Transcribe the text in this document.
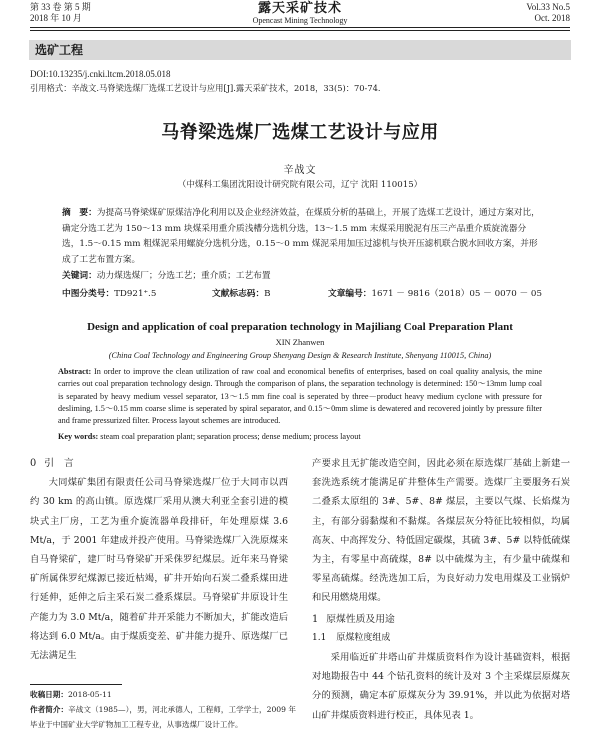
第 33 卷 第 5 期
2018 年 10 月
露天采矿技术
Opencast Mining Technology
Vol.33 No.5
Oct. 2018
选矿工程
DOI:10.13235/j.cnki.ltcm.2018.05.018
引用格式：辛战文.马脊梁选煤厂选煤工艺设计与应用[J].露天采矿技术，2018，33(5)：70-74.
马脊梁选煤厂选煤工艺设计与应用
辛战文
（中煤科工集团沈阳设计研究院有限公司，辽宁 沈阳 110015）
摘　要：为提高马脊梁煤矿原煤洁净化利用以及企业经济效益，在煤质分析的基础上，开展了选煤工艺设计，通过方案对比，确定分选工艺为 150～13 mm 块煤采用重介质浅槽分选机分选，13～1.5 mm 末煤采用脱泥有压三产品重介质旋流器分选，1.5～0.15 mm 粗煤泥采用螺旋分选机分选，0.15～0 mm 煤泥采用加压过滤机与快开压滤机联合脱水回收方案，并形成了工艺布置方案。
关键词：动力煤选煤厂；分选工艺；重介质；工艺布置
中图分类号：TD921⁺.5	文献标志码：B	文章编号：1671 － 9816（2018）05 － 0070 － 05
Design and application of coal preparation technology in Majiliang Coal Preparation Plant
XIN Zhanwen
(China Coal Technology and Engineering Group Shenyang Design & Research Institute, Shenyang 110015, China)
Abstract: In order to improve the clean utilization of raw coal and economical benefits of enterprises, based on coal quality analysis, the mine carries out coal preparation technology design. Through the comparison of plans, the separation technology is determined: 150～13mm lump coal is separated by heavy medium vessel separator, 13～1.5 mm fine coal is seperated by three－product heavy medium cyclone with pressure for desliming, 1.5～0.15 mm coarse slime is seperated by spiral separator, and 0.15～0mm slime is dewatered and recovered jointly by pressure filter and frame pressurized filter. Process layout schemes are introduced.
Key words: steam coal preparation plant; separation process; dense medium; process layout
0 引　言

大同煤矿集团有限责任公司马脊梁选煤厂位于大同市以西约 30 km 的高山镇。原选煤厂采用从澳大利亚全套引进的模块式主厂房，工艺为重介旋流器单段排矸，年处理原煤 3.6 Mt/a，于 2001 年建成并投产使用。马脊梁选煤厂入洗原煤来自马脊梁矿，建厂时马脊梁矿开采侏罗纪煤层。近年来马脊梁矿所属侏罗纪煤源已接近枯竭，矿井开始向石炭二叠系煤田进行延伸，延伸之后主采石炭二叠系煤层。马脊梁矿井原设计生产能力为 3.0 Mt/a，随着矿井开采能力不断加大，扩能改造后将达到 6.0 Mt/a。由于煤质变差、矿井能力提升、原选煤厂已无法满足生

产要求且无扩能改造空间，因此必须在原选煤厂基础上新建一套洗选系统才能满足矿井整体生产需要。选煤厂主要服务石炭二叠系太原组的 3#、5#、8# 煤层，主要以气煤、长焰煤为主，有部分弱黏煤和不黏煤。各煤层灰分特征比较相似，均属高灰、中高挥发分、特低固定碳煤，其硫 3#、5# 以特低硫煤为主，有零星中高硫煤，8# 以中硫煤为主，有少量中硫煤和零星高硫煤。经洗选加工后，为良好动力发电用煤及工业锅炉和民用燃烧用煤。

1 原煤性质及用途
1.1 原煤粒度组成

采用临近矿井塔山矿井煤质资料作为设计基础资料，根据对地勘报告中 44 个钻孔资料的统计及对 3 个主采煤层原煤灰分的预测，确定本矿原煤灰分为 39.91%，并以此为依据对塔山矿井煤质资料进行校正，具体见表 1。

收稿日期：2018-05-11
作者简介：辛战文（1985—），男，河北承德人，工程师，工学学士，2009 年毕业于中国矿业大学矿物加工工程专业，从事选煤厂设计工作。
